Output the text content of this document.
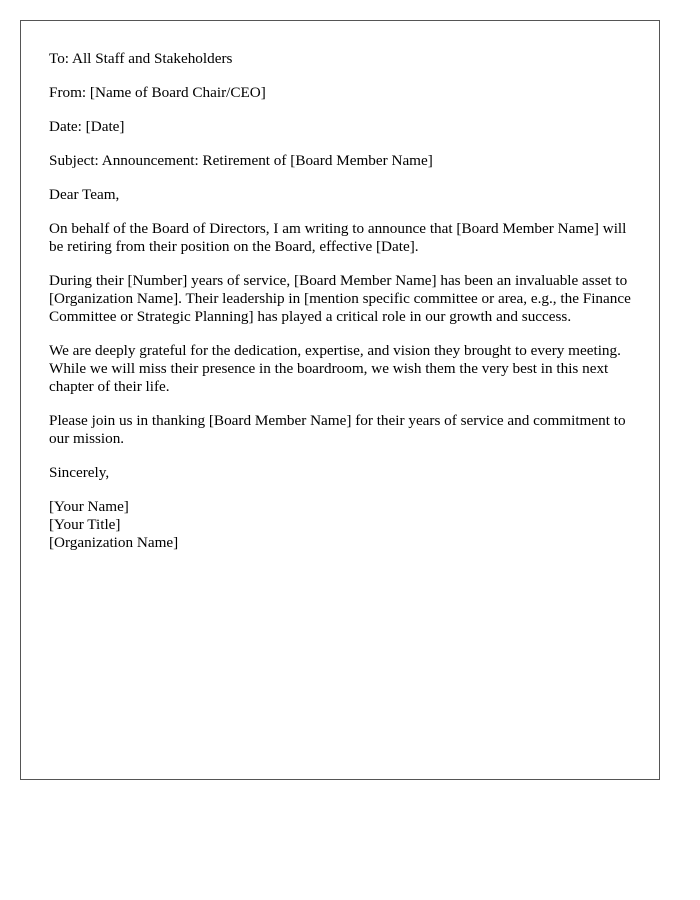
To: All Staff and Stakeholders
From: [Name of Board Chair/CEO]
Date: [Date]
Subject: Announcement: Retirement of [Board Member Name]

Dear Team,

On behalf of the Board of Directors, I am writing to announce that [Board Member Name] will be retiring from their position on the Board, effective [Date].

During their [Number] years of service, [Board Member Name] has been an invaluable asset to [Organization Name]. Their leadership in [mention specific committee or area, e.g., the Finance Committee or Strategic Planning] has played a critical role in our growth and success.

We are deeply grateful for the dedication, expertise, and vision they brought to every meeting. While we will miss their presence in the boardroom, we wish them the very best in this next chapter of their life.

Please join us in thanking [Board Member Name] for their years of service and commitment to our mission.

Sincerely,

[Your Name]
[Your Title]
[Organization Name]
